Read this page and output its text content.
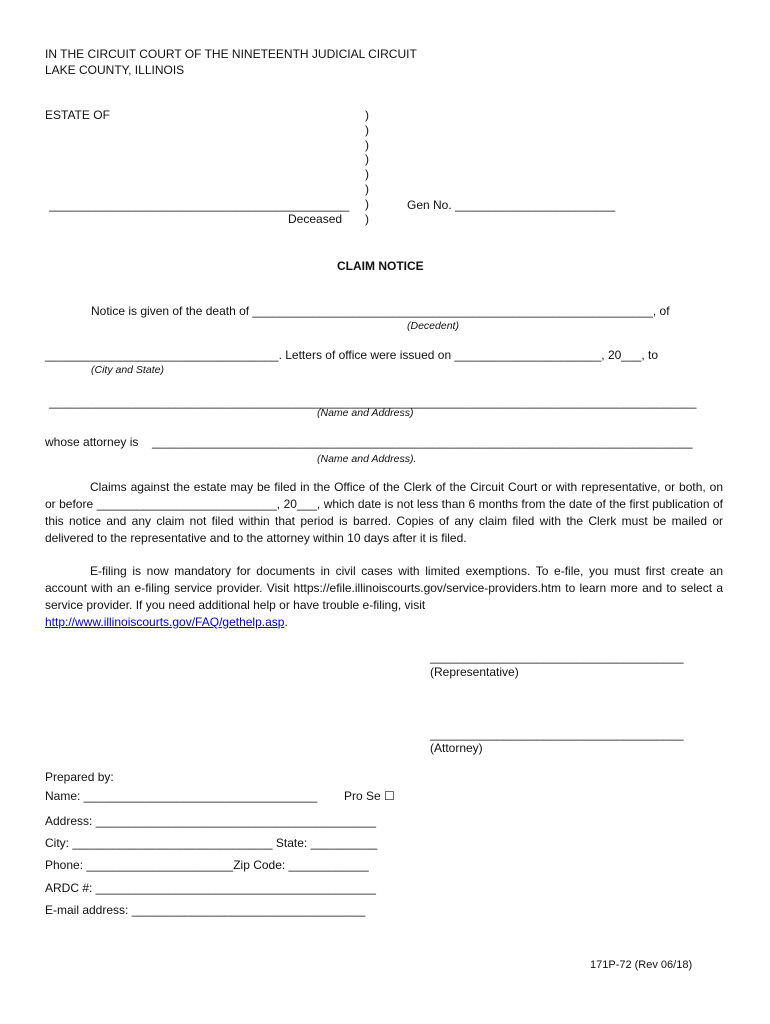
IN THE CIRCUIT COURT OF THE NINETEENTH JUDICIAL CIRCUIT
LAKE COUNTY, ILLINOIS
ESTATE OF	)
)
)
)
)
)
)
)
_____________________________________________
Deceased
Gen No. ________________________
CLAIM NOTICE
Notice is given of the death of ____________________________________________________________, of
(Decedent)
___________________________________. Letters of office were issued on ______________________, 20___, to
(City and State)
_________________________________________________________________________________________________
(Name and Address)
whose attorney is _________________________________________________________________________________
(Name and Address).
Claims against the estate may be filed in the Office of the Clerk of the Circuit Court or with representative, or both, on or before ___________________________, 20___, which date is not less than 6 months from the date of the first publication of this notice and any claim not filed within that period is barred. Copies of any claim filed with the Clerk must be mailed or delivered to the representative and to the attorney within 10 days after it is filed.
E-filing is now mandatory for documents in civil cases with limited exemptions. To e-file, you must first create an account with an e-filing service provider. Visit https://efile.illinoiscourts.gov/service-providers.htm to learn more and to select a service provider. If you need additional help or have trouble e-filing, visit
http://www.illinoiscourts.gov/FAQ/gethelp.asp.
______________________________________
(Representative)
______________________________________
(Attorney)
Prepared by:
Name: ___________________________________ Pro Se ☐
Address: __________________________________________
City: ______________________________ State: __________
Phone: ______________________Zip Code: ____________
ARDC #: __________________________________________
E-mail address: ___________________________________
171P-72 (Rev 06/18)
